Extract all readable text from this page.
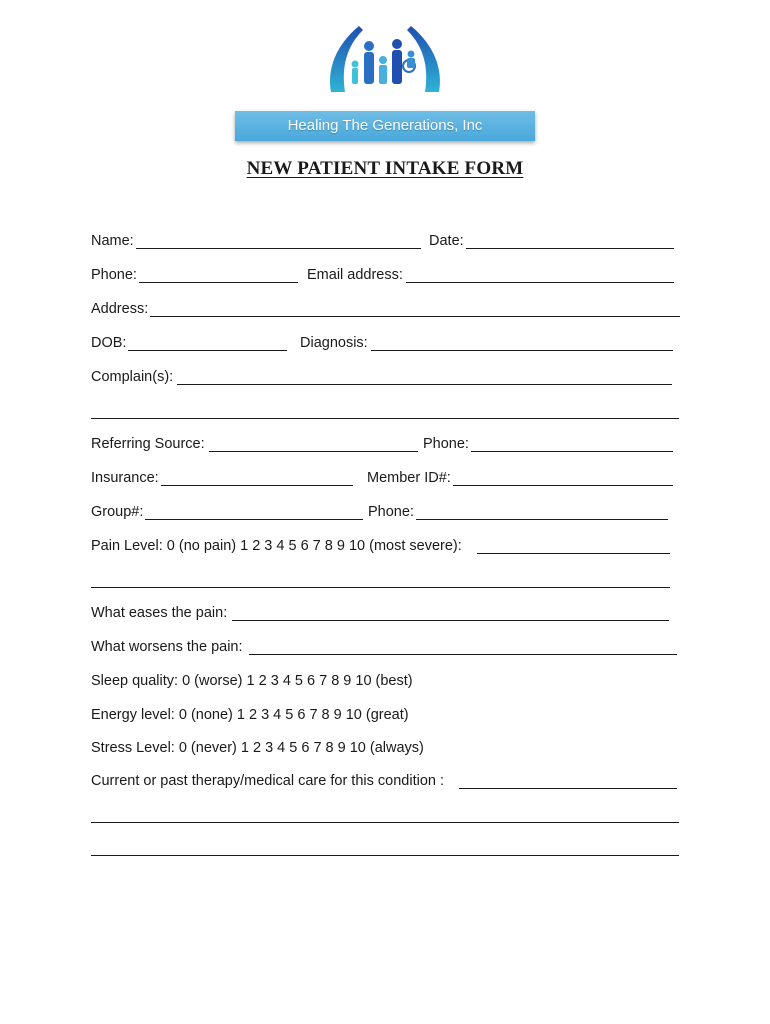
Healing The Generations, Inc
NEW PATIENT INTAKE FORM
Name:	Date:
Phone:	Email address:
Address:
DOB:	Diagnosis:
Complain(s):
Referring Source:	Phone:
Insurance:	Member ID#:
Group#:	Phone:
Pain Level: 0 (no pain) 1 2 3 4 5 6 7 8 9 10 (most severe):
What eases the pain:
What worsens the pain:
Sleep quality: 0 (worse) 1 2 3 4 5 6 7 8 9 10 (best)
Energy level: 0 (none) 1 2 3 4 5 6 7 8 9 10 (great)
Stress Level: 0 (never) 1 2 3 4 5 6 7 8 9 10 (always)
Current or past therapy/medical care for this condition :
